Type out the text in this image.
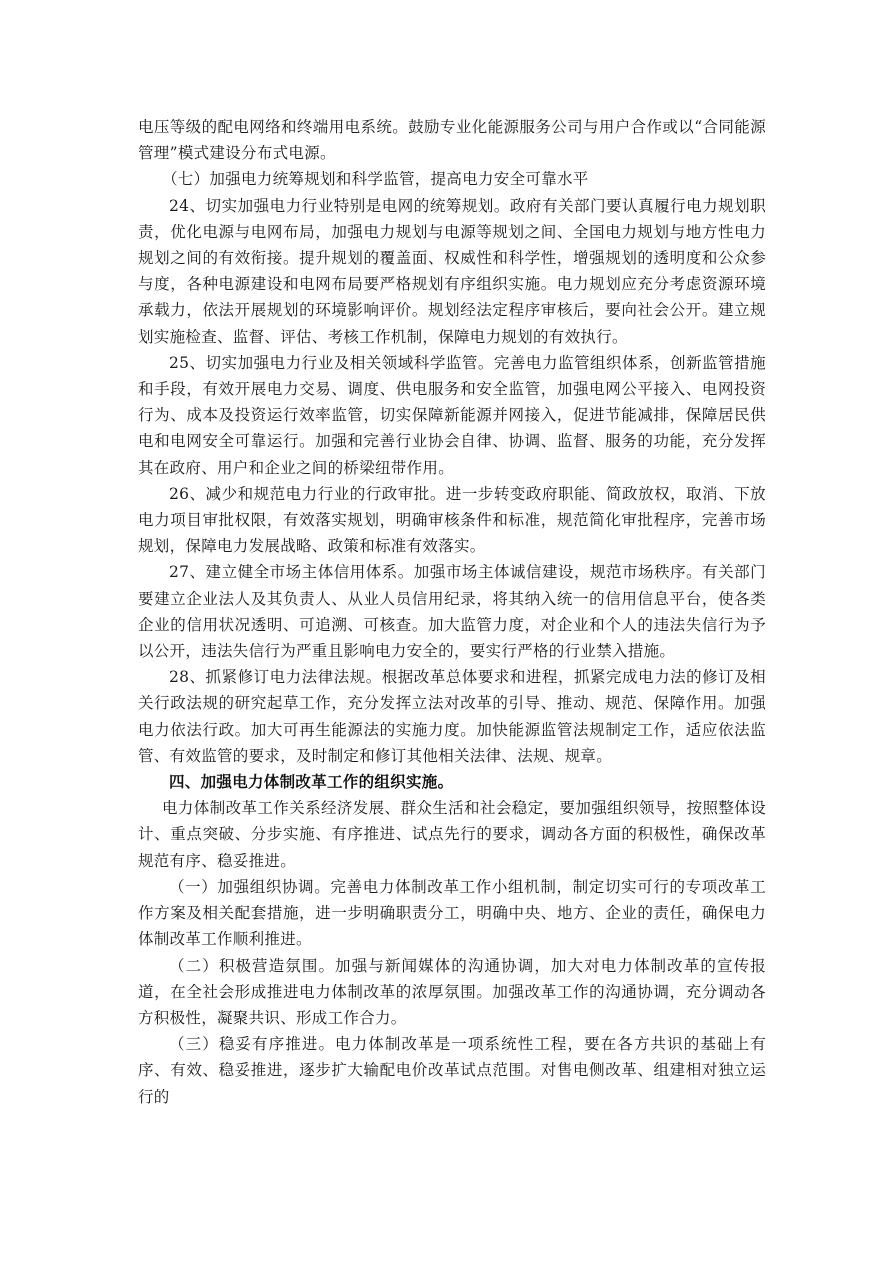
电压等级的配电网络和终端用电系统。鼓励专业化能源服务公司与用户合作或以“合同能源管理”模式建设分布式电源。

（七）加强电力统筹规划和科学监管，提高电力安全可靠水平

24、切实加强电力行业特别是电网的统筹规划。政府有关部门要认真履行电力规划职责，优化电源与电网布局，加强电力规划与电源等规划之间、全国电力规划与地方性电力规划之间的有效衔接。提升规划的覆盖面、权威性和科学性，增强规划的透明度和公众参与度，各种电源建设和电网布局要严格规划有序组织实施。电力规划应充分考虑资源环境承载力，依法开展规划的环境影响评价。规划经法定程序审核后，要向社会公开。建立规划实施检查、监督、评估、考核工作机制，保障电力规划的有效执行。

25、切实加强电力行业及相关领域科学监管。完善电力监管组织体系，创新监管措施和手段，有效开展电力交易、调度、供电服务和安全监管，加强电网公平接入、电网投资行为、成本及投资运行效率监管，切实保障新能源并网接入，促进节能减排，保障居民供电和电网安全可靠运行。加强和完善行业协会自律、协调、监督、服务的功能，充分发挥其在政府、用户和企业之间的桥梁纽带作用。

26、减少和规范电力行业的行政审批。进一步转变政府职能、简政放权，取消、下放电力项目审批权限，有效落实规划，明确审核条件和标准，规范简化审批程序，完善市场规划，保障电力发展战略、政策和标准有效落实。

27、建立健全市场主体信用体系。加强市场主体诚信建设，规范市场秩序。有关部门要建立企业法人及其负责人、从业人员信用纪录，将其纳入统一的信用信息平台，使各类企业的信用状况透明、可追溯、可核查。加大监管力度，对企业和个人的违法失信行为予以公开，违法失信行为严重且影响电力安全的，要实行严格的行业禁入措施。

28、抓紧修订电力法律法规。根据改革总体要求和进程，抓紧完成电力法的修订及相关行政法规的研究起草工作，充分发挥立法对改革的引导、推动、规范、保障作用。加强电力依法行政。加大可再生能源法的实施力度。加快能源监管法规制定工作，适应依法监管、有效监管的要求，及时制定和修订其他相关法律、法规、规章。

四、加强电力体制改革工作的组织实施。

电力体制改革工作关系经济发展、群众生活和社会稳定，要加强组织领导，按照整体设计、重点突破、分步实施、有序推进、试点先行的要求，调动各方面的积极性，确保改革规范有序、稳妥推进。

（一）加强组织协调。完善电力体制改革工作小组机制，制定切实可行的专项改革工作方案及相关配套措施，进一步明确职责分工，明确中央、地方、企业的责任，确保电力体制改革工作顺利推进。

（二）积极营造氛围。加强与新闻媒体的沟通协调，加大对电力体制改革的宣传报道，在全社会形成推进电力体制改革的浓厚氛围。加强改革工作的沟通协调，充分调动各方积极性，凝聚共识、形成工作合力。

（三）稳妥有序推进。电力体制改革是一项系统性工程，要在各方共识的基础上有序、有效、稳妥推进，逐步扩大输配电价改革试点范围。对售电侧改革、组建相对独立运行的
